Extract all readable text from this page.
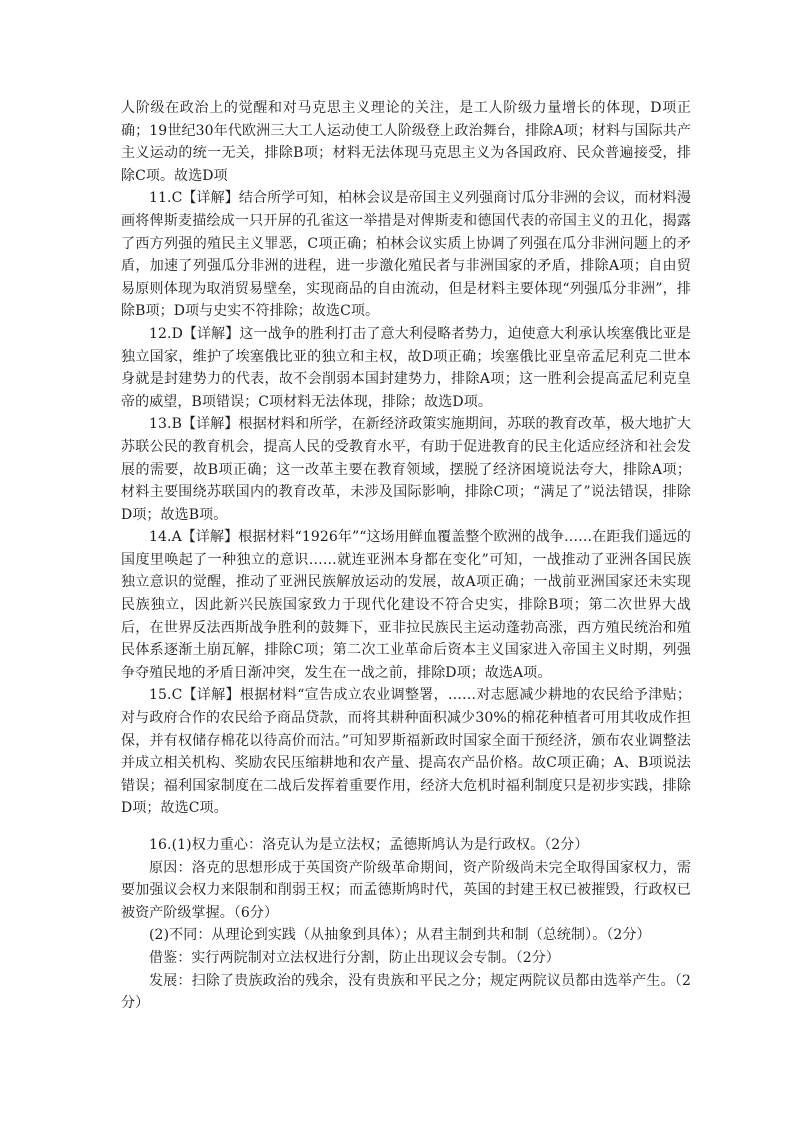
人阶级在政治上的觉醒和对马克思主义理论的关注，是工人阶级力量增长的体现，D项正确；19世纪30年代欧洲三大工人运动使工人阶级登上政治舞台，排除A项；材料与国际共产主义运动的统一无关，排除B项；材料无法体现马克思主义为各国政府、民众普遍接受，排除C项。故选D项

11.C【详解】结合所学可知，柏林会议是帝国主义列强商讨瓜分非洲的会议，而材料漫画将俾斯麦描绘成一只开屏的孔雀这一举措是对俾斯麦和德国代表的帝国主义的丑化，揭露了西方列强的殖民主义罪恶，C项正确；柏林会议实质上协调了列强在瓜分非洲问题上的矛盾，加速了列强瓜分非洲的进程，进一步激化殖民者与非洲国家的矛盾，排除A项；自由贸易原则体现为取消贸易壁垒，实现商品的自由流动，但是材料主要体现“列强瓜分非洲”，排除B项；D项与史实不符排除；故选C项。

12.D【详解】这一战争的胜利打击了意大利侵略者势力，迫使意大利承认埃塞俄比亚是独立国家，维护了埃塞俄比亚的独立和主权，故D项正确；埃塞俄比亚皇帝孟尼利克二世本身就是封建势力的代表，故不会削弱本国封建势力，排除A项；这一胜利会提高孟尼利克皇帝的威望，B项错误；C项材料无法体现，排除；故选D项。

13.B【详解】根据材料和所学，在新经济政策实施期间，苏联的教育改革，极大地扩大苏联公民的教育机会，提高人民的受教育水平，有助于促进教育的民主化适应经济和社会发展的需要，故B项正确；这一改革主要在教育领域，摆脱了经济困境说法夸大，排除A项；材料主要围绕苏联国内的教育改革，未涉及国际影响，排除C项；“满足了”说法错误，排除D项；故选B项。

14.A【详解】根据材料“1926年”“这场用鲜血覆盖整个欧洲的战争……在距我们遥远的国度里唤起了一种独立的意识……就连亚洲本身都在变化”可知，一战推动了亚洲各国民族独立意识的觉醒，推动了亚洲民族解放运动的发展，故A项正确；一战前亚洲国家还未实现民族独立，因此新兴民族国家致力于现代化建设不符合史实，排除B项；第二次世界大战后，在世界反法西斯战争胜利的鼓舞下，亚非拉民族民主运动蓬勃高涨，西方殖民统治和殖民体系逐渐土崩瓦解，排除C项；第二次工业革命后资本主义国家进入帝国主义时期，列强争夺殖民地的矛盾日渐冲突，发生在一战之前，排除D项；故选A项。

15.C【详解】根据材料“宣告成立农业调整署，……对志愿减少耕地的农民给予津贴；对与政府合作的农民给予商品贷款，而将其耕种面积减少30%的棉花种植者可用其收成作担保，并有权储存棉花以待高价而沽。”可知罗斯福新政时国家全面干预经济，颁布农业调整法并成立相关机构、奖励农民压缩耕地和农产量、提高农产品价格。故C项正确；A、B项说法错误；福利国家制度在二战后发挥着重要作用，经济大危机时福利制度只是初步实践，排除D项；故选C项。

16.(1)权力重心：洛克认为是立法权；孟德斯鸠认为是行政权。（2分）

原因：洛克的思想形成于英国资产阶级革命期间，资产阶级尚未完全取得国家权力，需要加强议会权力来限制和削弱王权；而孟德斯鸠时代，英国的封建王权已被摧毁，行政权已被资产阶级掌握。（6分）

(2)不同：从理论到实践（从抽象到具体）；从君主制到共和制（总统制）。（2分）

借鉴：实行两院制对立法权进行分割，防止出现议会专制。（2分）

发展：扫除了贵族政治的残余，没有贵族和平民之分；规定两院议员都由选举产生。（2分）
